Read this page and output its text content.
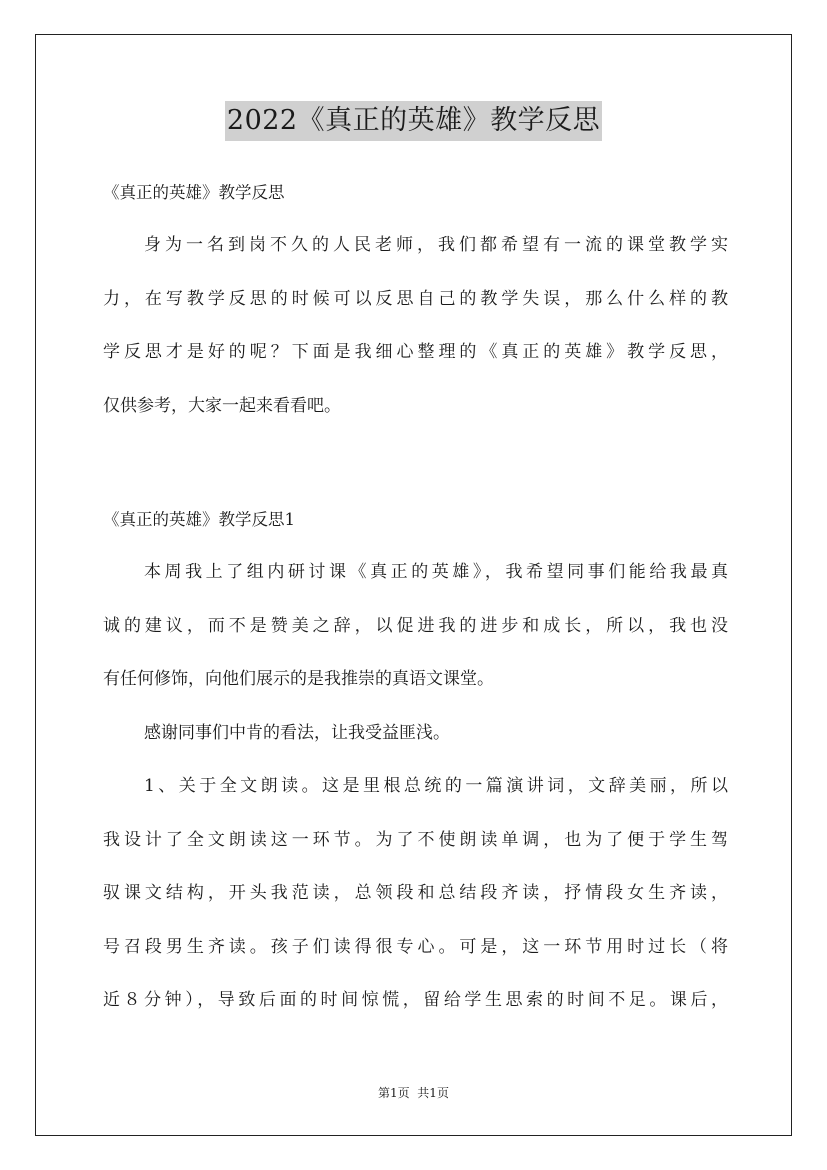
2022《真正的英雄》教学反思
《真正的英雄》教学反思
身为一名到岗不久的人民老师，我们都希望有一流的课堂教学实
力，在写教学反思的时候可以反思自己的教学失误，那么什么样的教
学反思才是好的呢？下面是我细心整理的《真正的英雄》教学反思，
仅供参考，大家一起来看看吧。
《真正的英雄》教学反思1
本周我上了组内研讨课《真正的英雄》，我希望同事们能给我最真
诚的建议，而不是赞美之辞，以促进我的进步和成长，所以，我也没
有任何修饰，向他们展示的是我推崇的真语文课堂。
感谢同事们中肯的看法，让我受益匪浅。
1、关于全文朗读。这是里根总统的一篇演讲词，文辞美丽，所以
我设计了全文朗读这一环节。为了不使朗读单调，也为了便于学生驾
驭课文结构，开头我范读，总领段和总结段齐读，抒情段女生齐读，
号召段男生齐读。孩子们读得很专心。可是，这一环节用时过长（将
近８分钟），导致后面的时间惊慌，留给学生思索的时间不足。课后，
第1页  共1页
